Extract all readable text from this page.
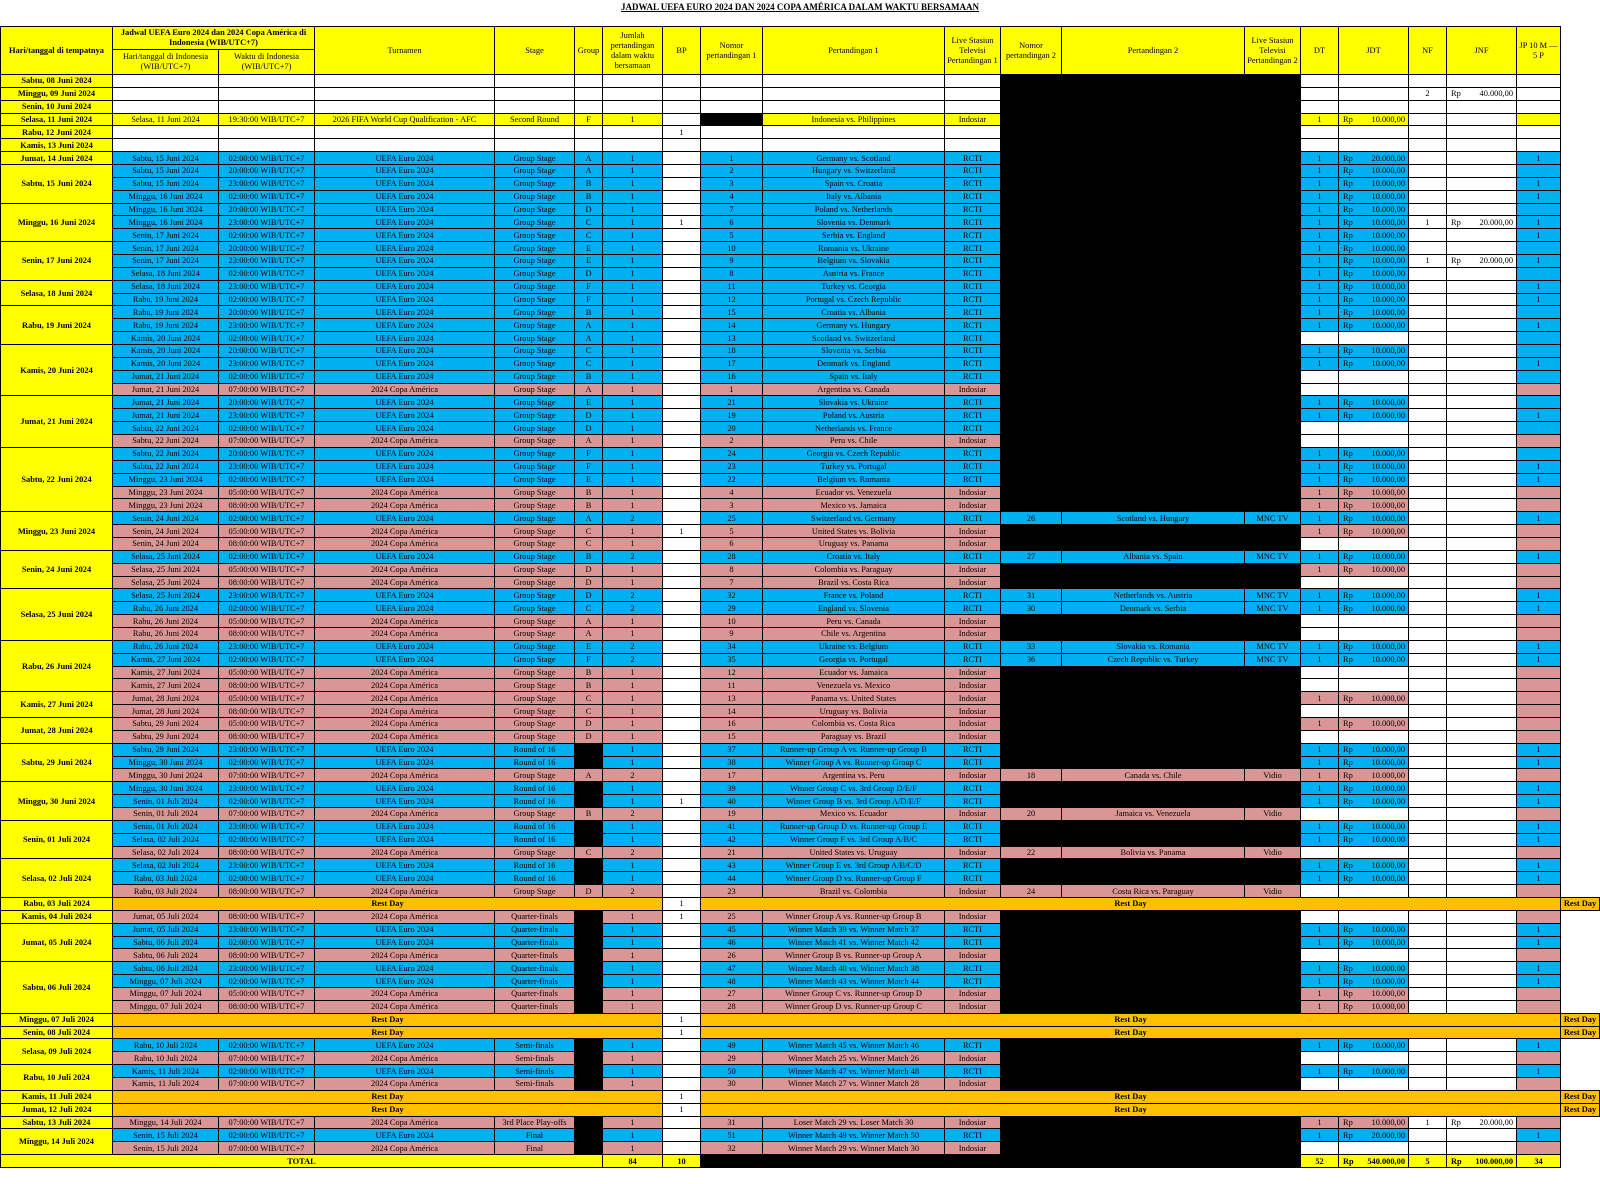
JADWAL UEFA EURO 2024 DAN 2024 COPA AMÉRICA DALAM WAKTU BERSAMAAN
Hari/tanggal di tempatnya	Jadwal UEFA Euro 2024 dan 2024 Copa América di Indonesia (WIB/UTC+7)		Turnamen	Stage	Group	Jumlah pertandingan dalam waktu bersamaan	BP	Nomor pertandingan 1	Pertandingan 1	Live Stasiun Televisi Pertandingan 1	Nomor pertandingan 2	Pertandingan 2	Live Stasiun Televisi Pertandingan 2	DT	JDT	NF	JNF	JP 10 M — 5 P	
	Hari/tanggal di Indonesia (WIB/UTC+7)	Waktu di Indonesia (WIB/UTC+7)																	
Sabtu, 08 Juni 2024																			
Minggu, 09 Juni 2024																2	Rp 40.000,00		

Senin, 10 Juni 2024																			
Selasa, 11 Juni 2024	Selasa, 11 Juni 2024	19:30:00 WIB/UTC+7	2026 FIFA World Cup Qualification - AFC	Second Round	F	1			Indonesia vs. Philippines	Indosiar				1	Rp 10.000,00				

Rabu, 12 Juni 2024							1												
Kamis, 13 Juni 2024																			
Jumat, 14 Juni 2024	Sabtu, 15 Juni 2024	02:00:00 WIB/UTC+7	UEFA Euro 2024	Group Stage	A	1		1	Germany vs. Scotland	RCTI				1	Rp 20.000,00			1	
Sabtu, 15 Juni 2024	Sabtu, 15 Juni 2024	20:00:00 WIB/UTC+7	UEFA Euro 2024	Group Stage	A	1		2	Hungary vs. Switzerland	RCTI				1	Rp 10.000,00				

	Sabtu, 15 Juni 2024	23:00:00 WIB/UTC+7	UEFA Euro 2024	Group Stage	B	1		3	Spain vs. Croatia	RCTI				1	Rp 10.000,00			1	
	Minggu, 16 Juni 2024	02:00:00 WIB/UTC+7	UEFA Euro 2024	Group Stage	B	1		4	Italy vs. Albania	RCTI				1	Rp 10.000,00			1	
Minggu, 16 Juni 2024	Minggu, 16 Juni 2024	20:00:00 WIB/UTC+7	UEFA Euro 2024	Group Stage	D	1		7	Poland vs. Netherlands	RCTI				1	Rp 10.000,00				

	Minggu, 16 Juni 2024	23:00:00 WIB/UTC+7	UEFA Euro 2024	Group Stage	C	1	1	6	Slovenia vs. Denmark	RCTI				1	Rp 10.000,00	1	Rp 20.000,00	1	
	Senin, 17 Juni 2024	02:00:00 WIB/UTC+7	UEFA Euro 2024	Group Stage	C	1		5	Serbia vs. England	RCTI				1	Rp 10.000,00			1	
Senin, 17 Juni 2024	Senin, 17 Juni 2024	20:00:00 WIB/UTC+7	UEFA Euro 2024	Group Stage	E	1		10	Romania vs. Ukraine	RCTI				1	Rp 10.000,00				

	Senin, 17 Juni 2024	23:00:00 WIB/UTC+7	UEFA Euro 2024	Group Stage	E	1		9	Belgium vs. Slovakia	RCTI				1	Rp 10.000,00	1	Rp 20.000,00	1	
	Selasa, 18 Juni 2024	02:00:00 WIB/UTC+7	UEFA Euro 2024	Group Stage	D	1		8	Austria vs. France	RCTI				1	Rp 10.000,00				

Selasa, 18 Juni 2024	Selasa, 18 Juni 2024	23:00:00 WIB/UTC+7	UEFA Euro 2024	Group Stage	F	1		11	Turkey vs. Georgia	RCTI				1	Rp 10.000,00			1	
	Rabu, 19 Juni 2024	02:00:00 WIB/UTC+7	UEFA Euro 2024	Group Stage	F	1		12	Portugal vs. Czech Republic	RCTI				1	Rp 10.000,00			1	
Rabu, 19 Juni 2024	Rabu, 19 Juni 2024	20:00:00 WIB/UTC+7	UEFA Euro 2024	Group Stage	B	1		15	Croatia vs. Albania	RCTI				1	Rp 10.000,00				

	Rabu, 19 Juni 2024	23:00:00 WIB/UTC+7	UEFA Euro 2024	Group Stage	A	1		14	Germany vs. Hungary	RCTI				1	Rp 10.000,00			1	
	Kamis, 20 Juni 2024	02:00:00 WIB/UTC+7	UEFA Euro 2024	Group Stage	A	1		13	Scotland vs. Switzerland	RCTI									
Kamis, 20 Juni 2024	Kamis, 20 Juni 2024	20:00:00 WIB/UTC+7	UEFA Euro 2024	Group Stage	C	1		18	Slovenia vs. Serbia	RCTI				1	Rp 10.000,00				

	Kamis, 20 Juni 2024	23:00:00 WIB/UTC+7	UEFA Euro 2024	Group Stage	C	1		17	Denmark vs. England	RCTI				1	Rp 10.000,00			1	
	Jumat, 21 Juni 2024	02:00:00 WIB/UTC+7	UEFA Euro 2024	Group Stage	B	1		16	Spain vs. Italy	RCTI									
	Jumat, 21 Juni 2024	07:00:00 WIB/UTC+7	2024 Copa América	Group Stage	A	1		1	Argentina vs. Canada	Indosiar									
Jumat, 21 Juni 2024	Jumat, 21 Juni 2024	20:00:00 WIB/UTC+7	UEFA Euro 2024	Group Stage	E	1		21	Slovakia vs. Ukraine	RCTI				1	Rp 10.000,00				

	Jumat, 21 Juni 2024	23:00:00 WIB/UTC+7	UEFA Euro 2024	Group Stage	D	1		19	Poland vs. Austria	RCTI				1	Rp 10.000,00			1	
	Sabtu, 22 Juni 2024	02:00:00 WIB/UTC+7	UEFA Euro 2024	Group Stage	D	1		20	Netherlands vs. France	RCTI									
	Sabtu, 22 Juni 2024	07:00:00 WIB/UTC+7	2024 Copa América	Group Stage	A	1		2	Peru vs. Chile	Indosiar									
Sabtu, 22 Juni 2024	Sabtu, 22 Juni 2024	20:00:00 WIB/UTC+7	UEFA Euro 2024	Group Stage	F	1		24	Georgia vs. Czech Republic	RCTI				1	Rp 10.000,00				

	Sabtu, 22 Juni 2024	23:00:00 WIB/UTC+7	UEFA Euro 2024	Group Stage	F	1		23	Turkey vs. Portugal	RCTI				1	Rp 10.000,00			1	
	Minggu, 23 Juni 2024	02:00:00 WIB/UTC+7	UEFA Euro 2024	Group Stage	E	1		22	Belgium vs. Romania	RCTI				1	Rp 10.000,00			1	
	Minggu, 23 Juni 2024	05:00:00 WIB/UTC+7	2024 Copa América	Group Stage	B	1		4	Ecuador vs. Venezuela	Indosiar				1	Rp 10.000,00				

	Minggu, 23 Juni 2024	08:00:00 WIB/UTC+7	2024 Copa América	Group Stage	B	1		3	Mexico vs. Jamaica	Indosiar				1	Rp 10.000,00				

Minggu, 23 Juni 2024	Senin, 24 Juni 2024	02:00:00 WIB/UTC+7	UEFA Euro 2024	Group Stage	A	2		25	Switzerland vs. Germany	RCTI	26	Scotland vs. Hungary	MNC TV	1	Rp 10.000,00			1	
	Senin, 24 Juni 2024	05:00:00 WIB/UTC+7	2024 Copa América	Group Stage	C	1	1	5	United States vs. Bolivia	Indosiar				1	Rp 10.000,00				

	Senin, 24 Juni 2024	08:00:00 WIB/UTC+7	2024 Copa América	Group Stage	C	1		6	Uruguay vs. Panama	Indosiar									
Senin, 24 Juni 2024	Selasa, 25 Juni 2024	02:00:00 WIB/UTC+7	UEFA Euro 2024	Group Stage	B	2		28	Croatia vs. Italy	RCTI	27	Albania vs. Spain	MNC TV	1	Rp 10.000,00			1	
	Selasa, 25 Juni 2024	05:00:00 WIB/UTC+7	2024 Copa América	Group Stage	D	1		8	Colombia vs. Paraguay	Indosiar				1	Rp 10.000,00				

	Selasa, 25 Juni 2024	08:00:00 WIB/UTC+7	2024 Copa América	Group Stage	D	1		7	Brazil vs. Costa Rica	Indosiar									
Selasa, 25 Juni 2024	Selasa, 25 Juni 2024	23:00:00 WIB/UTC+7	UEFA Euro 2024	Group Stage	D	2		32	France vs. Poland	RCTI	31	Netherlands vs. Austria	MNC TV	1	Rp 10.000,00			1	
	Rabu, 26 Juni 2024	02:00:00 WIB/UTC+7	UEFA Euro 2024	Group Stage	C	2		29	England vs. Slovenia	RCTI	30	Denmark vs. Serbia	MNC TV	1	Rp 10.000,00			1	
	Rabu, 26 Juni 2024	05:00:00 WIB/UTC+7	2024 Copa América	Group Stage	A	1		10	Peru vs. Canada	Indosiar									
	Rabu, 26 Juni 2024	08:00:00 WIB/UTC+7	2024 Copa América	Group Stage	A	1		9	Chile vs. Argentina	Indosiar									
Rabu, 26 Juni 2024	Rabu, 26 Juni 2024	23:00:00 WIB/UTC+7	UEFA Euro 2024	Group Stage	E	2		34	Ukraine vs. Belgium	RCTI	33	Slovakia vs. Romania	MNC TV	1	Rp 10.000,00			1	
	Kamis, 27 Juni 2024	02:00:00 WIB/UTC+7	UEFA Euro 2024	Group Stage	F	2		35	Georgia vs. Portugal	RCTI	36	Czech Republic vs. Turkey	MNC TV	1	Rp 10.000,00			1	
	Kamis, 27 Juni 2024	05:00:00 WIB/UTC+7	2024 Copa América	Group Stage	B	1		12	Ecuador vs. Jamaica	Indosiar									
	Kamis, 27 Juni 2024	08:00:00 WIB/UTC+7	2024 Copa América	Group Stage	B	1		11	Venezuela vs. Mexico	Indosiar									
Kamis, 27 Juni 2024	Jumat, 28 Juni 2024	05:00:00 WIB/UTC+7	2024 Copa América	Group Stage	C	1		13	Panama vs. United States	Indosiar				1	Rp 10.000,00				

	Jumat, 28 Juni 2024	08:00:00 WIB/UTC+7	2024 Copa América	Group Stage	C	1		14	Uruguay vs. Bolivia	Indosiar									
Jumat, 28 Juni 2024	Sabtu, 29 Juni 2024	05:00:00 WIB/UTC+7	2024 Copa América	Group Stage	D	1		16	Colombia vs. Costa Rica	Indosiar				1	Rp 10.000,00				

	Sabtu, 29 Juni 2024	08:00:00 WIB/UTC+7	2024 Copa América	Group Stage	D	1		15	Paraguay vs. Brazil	Indosiar									
Sabtu, 29 Juni 2024	Sabtu, 29 Juni 2024	23:00:00 WIB/UTC+7	UEFA Euro 2024	Round of 16		1		37	Runner-up Group A vs. Runner-up Group B	RCTI				1	Rp 10.000,00			1	
	Minggu, 30 Juni 2024	02:00:00 WIB/UTC+7	UEFA Euro 2024	Round of 16		1		38	Winner Group A vs. Runner-up Group C	RCTI				1	Rp 10.000,00			1	
	Minggu, 30 Juni 2024	07:00:00 WIB/UTC+7	2024 Copa América	Group Stage	A	2		17	Argentina vs. Peru	Indosiar	18	Canada vs. Chile	Vidio	1	Rp 10.000,00				

Minggu, 30 Juni 2024	Minggu, 30 Juni 2024	23:00:00 WIB/UTC+7	UEFA Euro 2024	Round of 16		1		39	Winner Group C vs. 3rd Group D/E/F	RCTI				1	Rp 10.000,00			1	
	Senin, 01 Juli 2024	02:00:00 WIB/UTC+7	UEFA Euro 2024	Round of 16		1	1	40	Winner Group B vs. 3rd Group A/D/E/F	RCTI				1	Rp 10.000,00			1	
	Senin, 01 Juli 2024	07:00:00 WIB/UTC+7	2024 Copa América	Group Stage	B	2		19	Mexico vs. Ecuador	Indosiar	20	Jamaica vs. Venezuela	Vidio						
Senin, 01 Juli 2024	Senin, 01 Juli 2024	23:00:00 WIB/UTC+7	UEFA Euro 2024	Round of 16		1		41	Runner-up Group D vs. Runner-up Group E	RCTI				1	Rp 10.000,00			1	
	Selasa, 02 Juli 2024	02:00:00 WIB/UTC+7	UEFA Euro 2024	Round of 16		1		42	Winner Group F vs. 3rd Group A/B/C	RCTI				1	Rp 10.000,00			1	
	Selasa, 02 Juli 2024	08:00:00 WIB/UTC+7	2024 Copa América	Group Stage	C	2		21	United States vs. Uruguay	Indosiar	22	Bolivia vs. Panama	Vidio						
Selasa, 02 Juli 2024	Selasa, 02 Juli 2024	23:00:00 WIB/UTC+7	UEFA Euro 2024	Round of 16		1		43	Winner Group E vs. 3rd Group A/B/C/D	RCTI				1	Rp 10.000,00			1	
	Rabu, 03 Juli 2024	02:00:00 WIB/UTC+7	UEFA Euro 2024	Round of 16		1		44	Winner Group D vs. Runner-up Group F	RCTI				1	Rp 10.000,00			1	
	Rabu, 03 Juli 2024	08:00:00 WIB/UTC+7	2024 Copa América	Group Stage	D	2		23	Brazil vs. Colombia	Indosiar	24	Costa Rica vs. Paraguay	Vidio						
Rabu, 03 Juli 2024	Rest Day						1	Rest Day											Rest Day
Kamis, 04 Juli 2024	Jumat, 05 Juli 2024	08:00:00 WIB/UTC+7	2024 Copa América	Quarter-finals		1	1	25	Winner Group A vs. Runner-up Group B	Indosiar									
Jumat, 05 Juli 2024	Jumat, 05 Juli 2024	23:00:00 WIB/UTC+7	UEFA Euro 2024	Quarter-finals		1		45	Winner Match 39 vs. Winner Match 37	RCTI				1	Rp 10.000,00			1	
	Sabtu, 06 Juli 2024	02:00:00 WIB/UTC+7	UEFA Euro 2024	Quarter-finals		1		46	Winner Match 41 vs. Winner Match 42	RCTI				1	Rp 10.000,00			1	
	Sabtu, 06 Juli 2024	08:00:00 WIB/UTC+7	2024 Copa América	Quarter-finals		1		26	Winner Group B vs. Runner-up Group A	Indosiar									
Sabtu, 06 Juli 2024	Sabtu, 06 Juli 2024	23:00:00 WIB/UTC+7	UEFA Euro 2024	Quarter-finals		1		47	Winner Match 40 vs. Winner Match 38	RCTI				1	Rp 10.000,00			1	
	Minggu, 07 Juli 2024	02:00:00 WIB/UTC+7	UEFA Euro 2024	Quarter-finals		1		48	Winner Match 43 vs. Winner Match 44	RCTI				1	Rp 10.000,00			1	
	Minggu, 07 Juli 2024	05:00:00 WIB/UTC+7	2024 Copa América	Quarter-finals		1		27	Winner Group C vs. Runner-up Group D	Indosiar				1	Rp 10.000,00				

	Minggu, 07 Juli 2024	08:00:00 WIB/UTC+7	2024 Copa América	Quarter-finals		1		28	Winner Group D vs. Runner-up Group C	Indosiar				1	Rp 10.000,00				

Minggu, 07 Juli 2024	Rest Day						1	Rest Day											Rest Day
Senin, 08 Juli 2024	Rest Day						1	Rest Day											Rest Day
Selasa, 09 Juli 2024	Rabu, 10 Juli 2024	02:00:00 WIB/UTC+7	UEFA Euro 2024	Semi-finals		1		49	Winner Match 45 vs. Winner Match 46	RCTI				1	Rp 10.000,00			1	
	Rabu, 10 Juli 2024	07:00:00 WIB/UTC+7	2024 Copa América	Semi-finals		1		29	Winner Match 25 vs. Winner Match 26	Indosiar									
Rabu, 10 Juli 2024	Kamis, 11 Juli 2024	02:00:00 WIB/UTC+7	UEFA Euro 2024	Semi-finals		1		50	Winner Match 47 vs. Winner Match 48	RCTI				1	Rp 10.000,00			1	
	Kamis, 11 Juli 2024	07:00:00 WIB/UTC+7	2024 Copa América	Semi-finals		1		30	Winner Match 27 vs. Winner Match 28	Indosiar									
Kamis, 11 Juli 2024	Rest Day						1	Rest Day											Rest Day
Jumat, 12 Juli 2024	Rest Day						1	Rest Day											Rest Day
Sabtu, 13 Juli 2024	Minggu, 14 Juli 2024	07:00:00 WIB/UTC+7	2024 Copa América	3rd Place Play-offs		1		31	Loser Match 29 vs. Loser Match 30	Indosiar				1	Rp 10.000,00	1	Rp 20.000,00		

Minggu, 14 Juli 2024	Senin, 15 Juli 2024	02:00:00 WIB/UTC+7	UEFA Euro 2024	Final		1		51	Winner Match 49 vs. Winner Match 50	RCTI				1	Rp 20.000,00			1	
	Senin, 15 Juli 2024	07:00:00 WIB/UTC+7	2024 Copa América	Final		1		32	Winner Match 29 vs. Winner Match 30	Indosiar									
TOTAL						84	10							52	Rp 540.000,00	5	Rp 100.000,00	34	
